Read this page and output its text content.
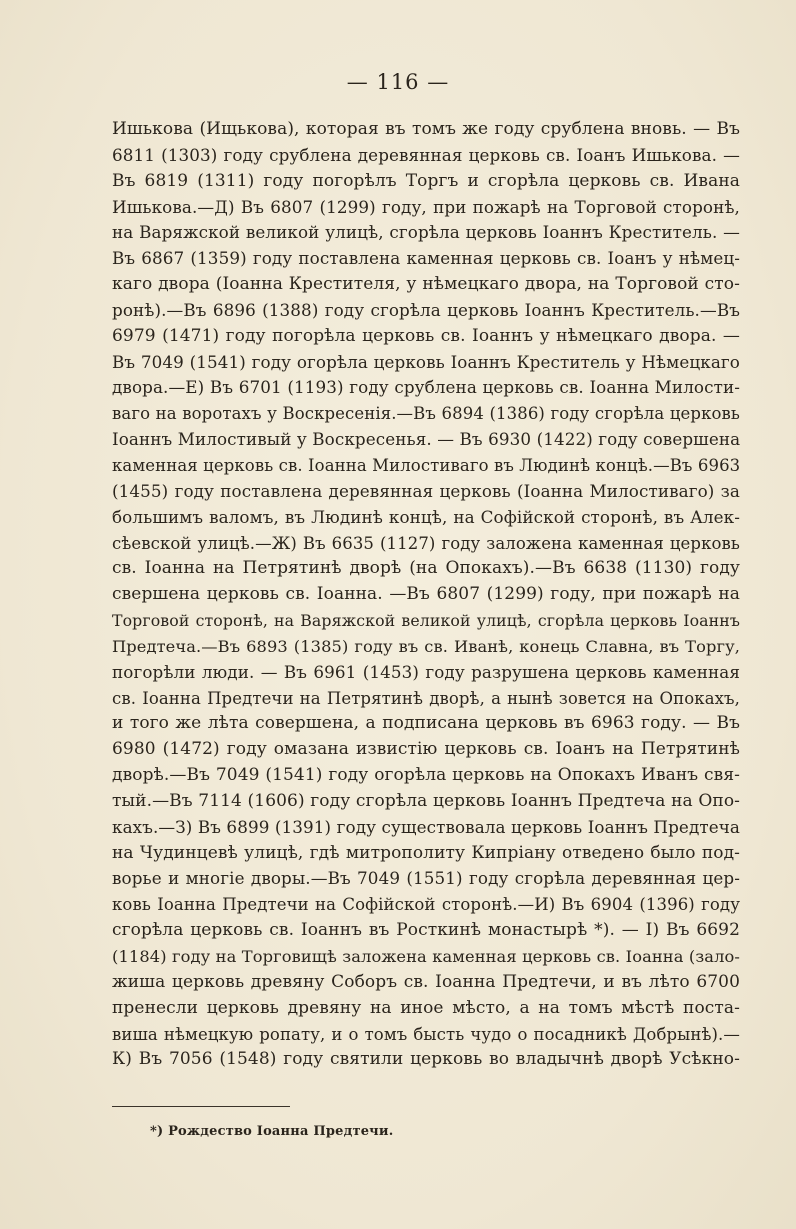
— 116 —
Ишькова (Ищькова), которая въ томъ же году срублена вновь. — Въ
6811 (1303) году срублена деревянная церковь св. Іоанъ Ишькова. —
Въ 6819 (1311) году погорѣлъ Торгъ и сгорѣла церковь св. Ивана
Ишькова.—Д) Въ 6807 (1299) году, при пожарѣ на Торговой сторонѣ,
на Варяжской великой улицѣ, сгорѣла церковь Іоаннъ Креститель. —
Въ 6867 (1359) году поставлена каменная церковь св. Іоанъ у нѣмец-
каго двора (Іоанна Крестителя, у нѣмецкаго двора, на Торговой сто-
ронѣ).—Въ 6896 (1388) году сгорѣла церковь Іоаннъ Креститель.—Въ
6979 (1471) году погорѣла церковь св. Іоаннъ у нѣмецкаго двора. —
Въ 7049 (1541) году огорѣла церковь Іоаннъ Креститель у Нѣмецкаго
двора.—Е) Въ 6701 (1193) году срублена церковь св. Іоанна Милости-
ваго на воротахъ у Воскресенія.—Въ 6894 (1386) году сгорѣла церковь
Іоаннъ Милостивый у Воскресенья. — Въ 6930 (1422) году совершена
каменная церковь св. Іоанна Милостиваго въ Людинѣ концѣ.—Въ 6963
(1455) году поставлена деревянная церковь (Іоанна Милостиваго) за
большимъ валомъ, въ Людинѣ концѣ, на Софійской сторонѣ, въ Алек-
сѣевской улицѣ.—Ж) Въ 6635 (1127) году заложена каменная церковь
св. Іоанна на Петрятинѣ дворѣ (на Опокахъ).—Въ 6638 (1130) году
свершена церковь св. Іоанна. —Въ 6807 (1299) году, при пожарѣ на
Торговой сторонѣ, на Варяжской великой улицѣ, сгорѣла церковь Іоаннъ
Предтеча.—Въ 6893 (1385) году въ св. Иванѣ, конець Славна, въ Торгу,
погорѣли люди. — Въ 6961 (1453) году разрушена церковь каменная
св. Іоанна Предтечи на Петрятинѣ дворѣ, а нынѣ зовется на Опокахъ,
и того же лѣта совершена, а подписана церковь въ 6963 году. — Въ
6980 (1472) году омазана извистію церковь св. Іоанъ на Петрятинѣ
дворѣ.—Въ 7049 (1541) году огорѣла церковь на Опокахъ Иванъ свя-
тый.—Въ 7114 (1606) году сгорѣла церковь Іоаннъ Предтеча на Опо-
кахъ.—З) Въ 6899 (1391) году существовала церковь Іоаннъ Предтеча
на Чудинцевѣ улицѣ, гдѣ митрополиту Кипріану отведено было под-
ворье и многіе дворы.—Въ 7049 (1551) году сгорѣла деревянная цер-
ковь Іоанна Предтечи на Софійской сторонѣ.—И) Въ 6904 (1396) году
сгорѣла церковь св. Іоаннъ въ Росткинѣ монастырѣ *). — І) Въ 6692
(1184) году на Торговищѣ заложена каменная церковь св. Іоанна (зало-
жиша церковь древяну Соборъ св. Іоанна Предтечи, и въ лѣто 6700
пренесли церковь древяну на иное мѣсто, а на томъ мѣстѣ поста-
виша нѣмецкую ропату, и о томъ бысть чудо о посадникѣ Добрынѣ).—
К) Въ 7056 (1548) году святили церковь во владычнѣ дворѣ Усѣкно-
*) Рождество Іоанна Предтечи.
